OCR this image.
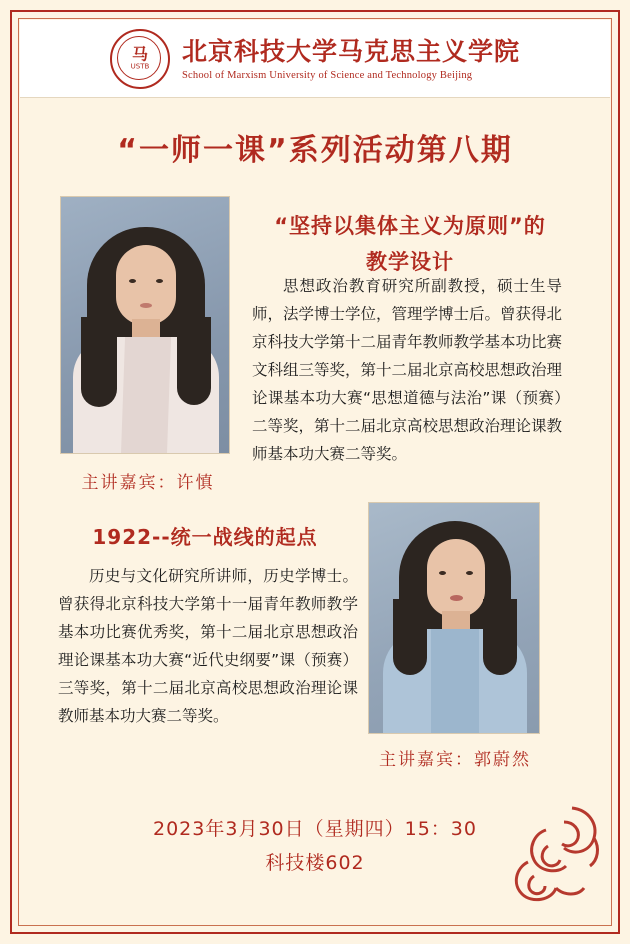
马
USTB
北京科技大学马克思主义学院
School of Marxism University of Science and Technology Beijing
“一师一课”系列活动第八期
主讲嘉宾：许慎
“坚持以集体主义为原则”的
教学设计
思想政治教育研究所副教授，硕士生导师，法学博士学位，管理学博士后。曾获得北京科技大学第十二届青年教师教学基本功比赛文科组三等奖，第十二届北京高校思想政治理论课基本功大赛“思想道德与法治”课（预赛）二等奖，第十二届北京高校思想政治理论课教师基本功大赛二等奖。
1922--统一战线的起点
历史与文化研究所讲师，历史学博士。曾获得北京科技大学第十一届青年教师教学基本功比赛优秀奖，第十二届北京思想政治理论课基本功大赛“近代史纲要”课（预赛）三等奖，第十二届北京高校思想政治理论课教师基本功大赛二等奖。
主讲嘉宾：郭蔚然
2023年3月30日（星期四）15：30
科技楼602
